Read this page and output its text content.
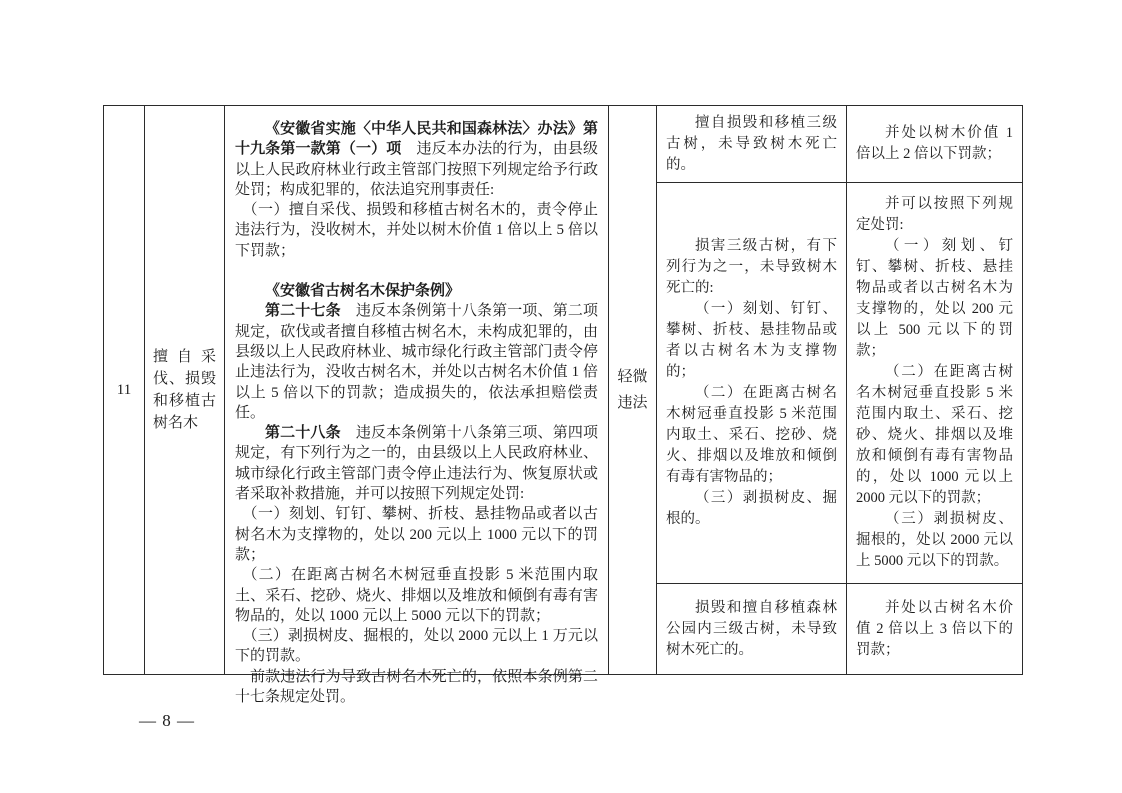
11
擅自采伐、损毁和移植古树名木

《安徽省实施〈中华人民共和国森林法〉办法》第十九条第一款第（一）项　违反本办法的行为，由县级以上人民政府林业行政主管部门按照下列规定给予行政处罚；构成犯罪的，依法追究刑事责任:

（一）擅自采伐、损毁和移植古树名木的，责令停止违法行为，没收树木，并处以树木价值 1 倍以上 5 倍以下罚款；

《安徽省古树名木保护条例》

第二十七条　违反本条例第十八条第一项、第二项规定，砍伐或者擅自移植古树名木，未构成犯罪的，由县级以上人民政府林业、城市绿化行政主管部门责令停止违法行为，没收古树名木，并处以古树名木价值 1 倍以上 5 倍以下的罚款；造成损失的，依法承担赔偿责任。

第二十八条　违反本条例第十八条第三项、第四项规定，有下列行为之一的，由县级以上人民政府林业、城市绿化行政主管部门责令停止违法行为、恢复原状或者采取补救措施，并可以按照下列规定处罚:

（一）刻划、钉钉、攀树、折枝、悬挂物品或者以古树名木为支撑物的，处以 200 元以上 1000 元以下的罚款；

（二）在距离古树名木树冠垂直投影 5 米范围内取土、采石、挖砂、烧火、排烟以及堆放和倾倒有毒有害物品的，处以 1000 元以上 5000 元以下的罚款；

（三）剥损树皮、掘根的，处以 2000 元以上 1 万元以下的罚款。

前款违法行为导致古树名木死亡的，依照本条例第二十七条规定处罚。

轻微违法

擅自损毁和移植三级古树，未导致树木死亡的。

并处以树木价值 1 倍以上 2 倍以下罚款；

损害三级古树，有下列行为之一，未导致树木死亡的:

（一）刻划、钉钉、攀树、折枝、悬挂物品或者以古树名木为支撑物的；

（二）在距离古树名木树冠垂直投影 5 米范围内取土、采石、挖砂、烧火、排烟以及堆放和倾倒有毒有害物品的；

（三）剥损树皮、掘根的。

并可以按照下列规定处罚:

（一）刻划、钉钉、攀树、折枝、悬挂物品或者以古树名木为支撑物的，处以 200 元以上 500 元以下的罚款；

（二）在距离古树名木树冠垂直投影 5 米范围内取土、采石、挖砂、烧火、排烟以及堆放和倾倒有毒有害物品的，处以 1000 元以上 2000 元以下的罚款；

（三）剥损树皮、掘根的，处以 2000 元以上 5000 元以下的罚款。

损毁和擅自移植森林公园内三级古树，未导致树木死亡的。

并处以古树名木价值 2 倍以上 3 倍以下的罚款；

— 8 —
